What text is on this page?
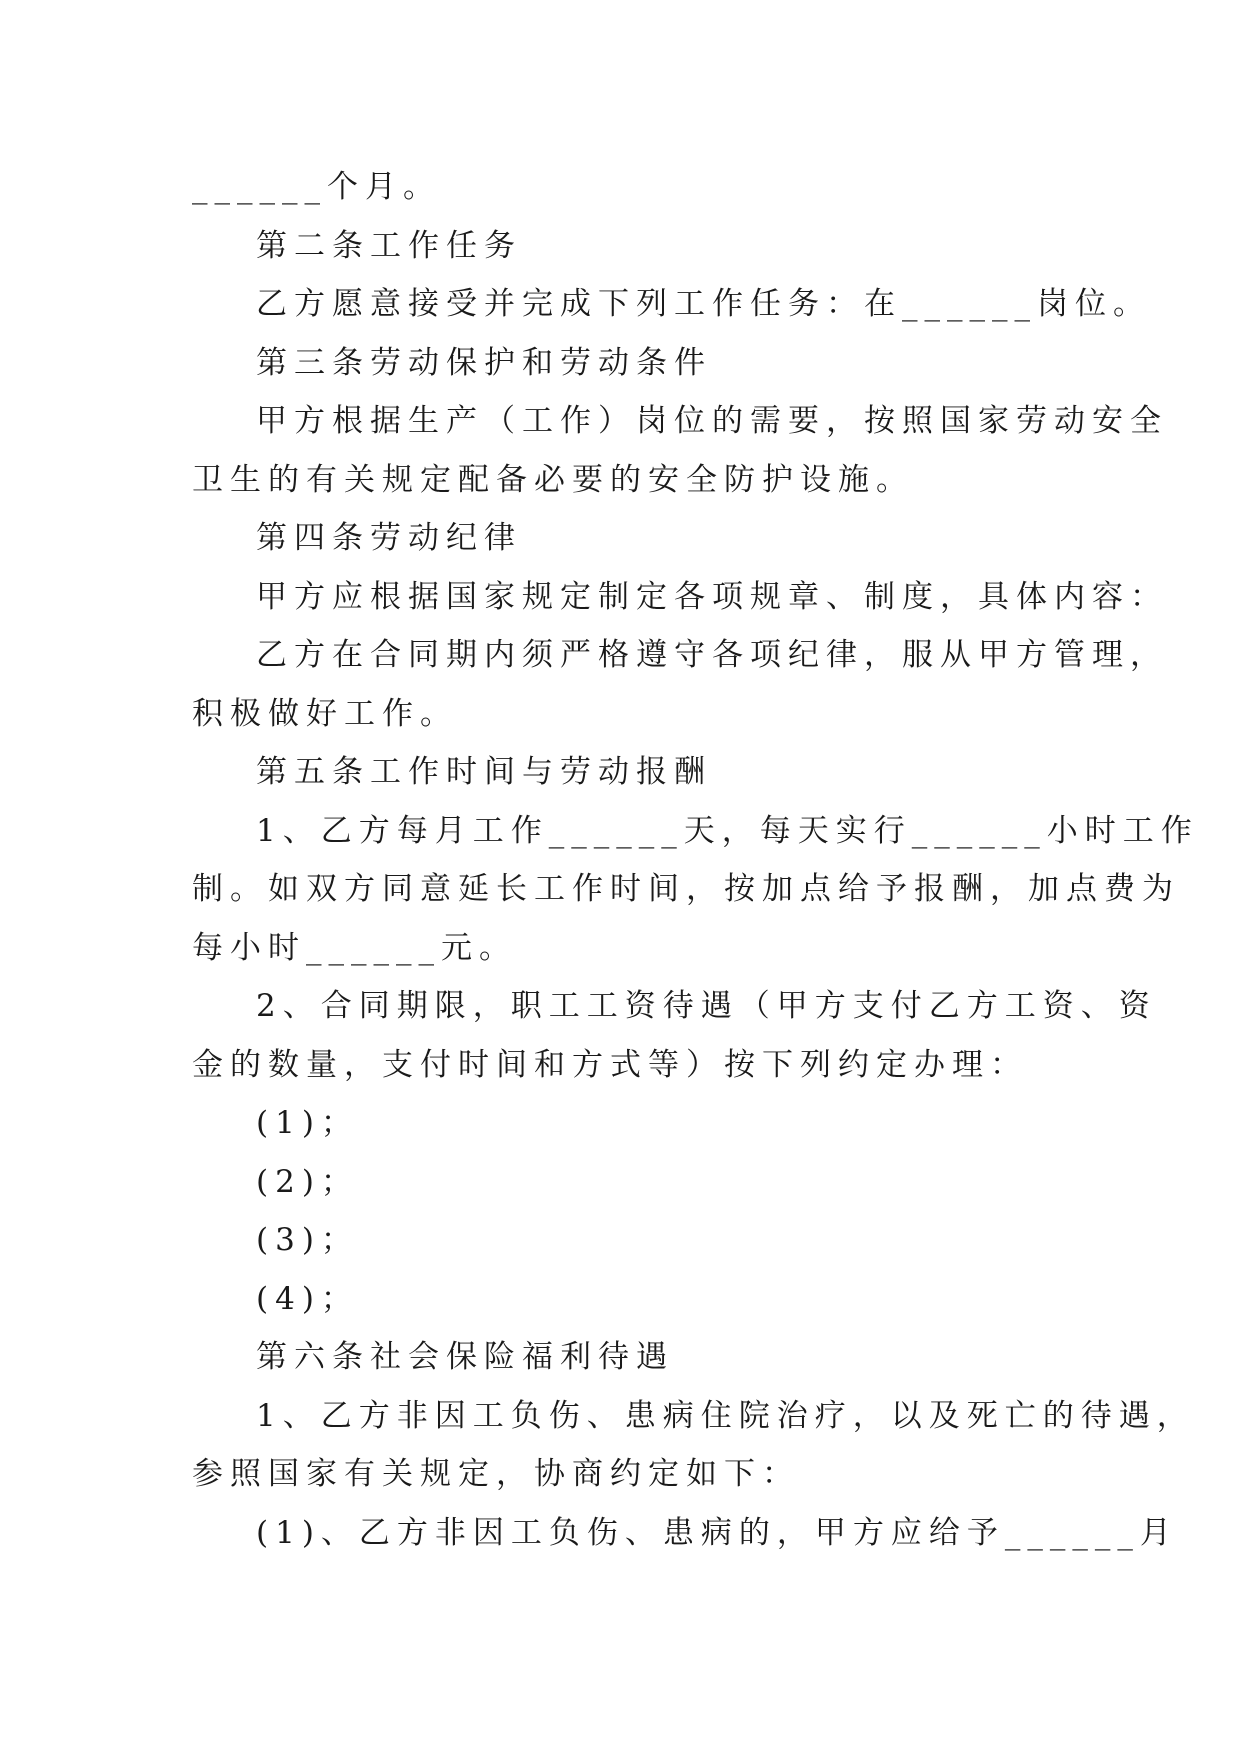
______个月。
第二条工作任务
乙方愿意接受并完成下列工作任务：在______岗位。
第三条劳动保护和劳动条件
甲方根据生产（工作）岗位的需要，按照国家劳动安全
卫生的有关规定配备必要的安全防护设施。
第四条劳动纪律
甲方应根据国家规定制定各项规章、制度，具体内容：
乙方在合同期内须严格遵守各项纪律，服从甲方管理，
积极做好工作。
第五条工作时间与劳动报酬
1、乙方每月工作______天，每天实行______小时工作
制。如双方同意延长工作时间，按加点给予报酬，加点费为
每小时______元。
2、合同期限，职工工资待遇（甲方支付乙方工资、资
金的数量，支付时间和方式等）按下列约定办理：
(1)；
(2)；
(3)；
(4)；
第六条社会保险福利待遇
1、乙方非因工负伤、患病住院治疗，以及死亡的待遇，
参照国家有关规定，协商约定如下：
(1)、乙方非因工负伤、患病的，甲方应给予______月
